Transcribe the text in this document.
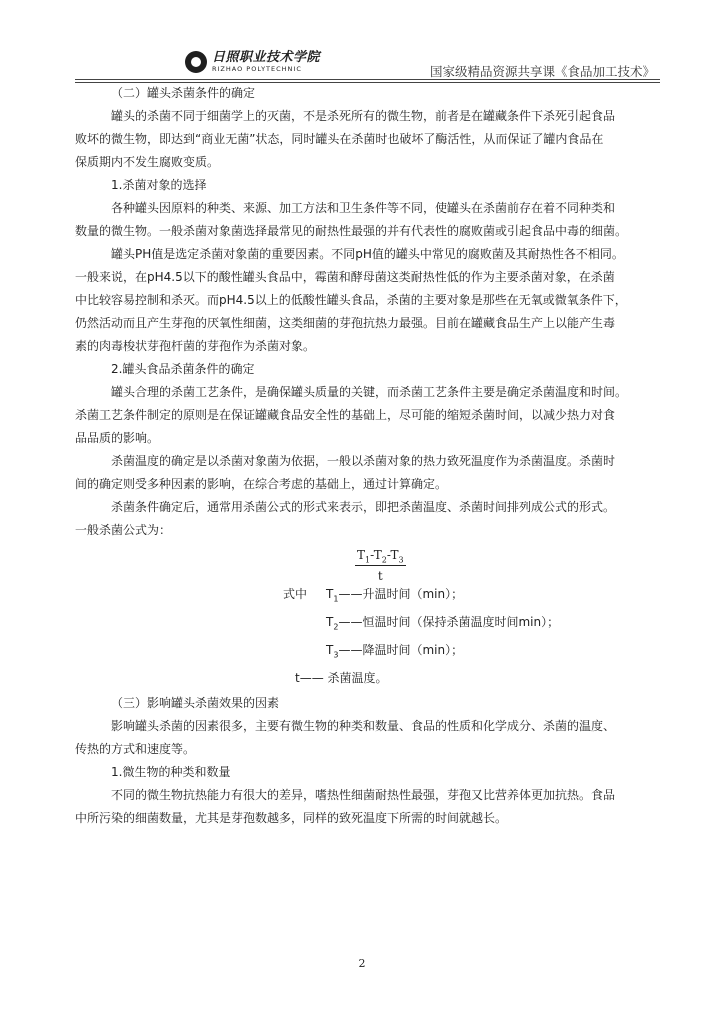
日照职业技术学院
RIZHAO POLYTECHNIC	国家级精品资源共享课《食品加工技术》
（二）罐头杀菌条件的确定
罐头的杀菌不同于细菌学上的灭菌，不是杀死所有的微生物，前者是在罐藏条件下杀死引起食品
败坏的微生物，即达到“商业无菌”状态，同时罐头在杀菌时也破坏了酶活性，从而保证了罐内食品在
保质期内不发生腐败变质。
1.杀菌对象的选择
各种罐头因原料的种类、来源、加工方法和卫生条件等不同，使罐头在杀菌前存在着不同种类和
数量的微生物。一般杀菌对象菌选择最常见的耐热性最强的并有代表性的腐败菌或引起食品中毒的细菌。
罐头PH值是选定杀菌对象菌的重要因素。不同pH值的罐头中常见的腐败菌及其耐热性各不相同。
一般来说，在pH4.5以下的酸性罐头食品中，霉菌和酵母菌这类耐热性低的作为主要杀菌对象，在杀菌
中比较容易控制和杀灭。而pH4.5以上的低酸性罐头食品，杀菌的主要对象是那些在无氧或微氧条件下，
仍然活动而且产生芽孢的厌氧性细菌，这类细菌的芽孢抗热力最强。目前在罐藏食品生产上以能产生毒
素的肉毒梭状芽孢杆菌的芽孢作为杀菌对象。
2.罐头食品杀菌条件的确定
罐头合理的杀菌工艺条件，是确保罐头质量的关键，而杀菌工艺条件主要是确定杀菌温度和时间。
杀菌工艺条件制定的原则是在保证罐藏食品安全性的基础上，尽可能的缩短杀菌时间，以减少热力对食
品品质的影响。
杀菌温度的确定是以杀菌对象菌为依据，一般以杀菌对象的热力致死温度作为杀菌温度。杀菌时
间的确定则受多种因素的影响，在综合考虑的基础上，通过计算确定。
杀菌条件确定后，通常用杀菌公式的形式来表示，即把杀菌温度、杀菌时间排列成公式的形式。
一般杀菌公式为：
$\frac{T_1-T_2-T_3}{t}$
式中 $T_1——$升温时间（min）；
$T_2——$恒温时间（保持杀菌温度时间min）；
$T_3——$降温时间（min）；
t—— 杀菌温度。
（三）影响罐头杀菌效果的因素
影响罐头杀菌的因素很多，主要有微生物的种类和数量、食品的性质和化学成分、杀菌的温度、
传热的方式和速度等。
1.微生物的种类和数量
不同的微生物抗热能力有很大的差异，嗜热性细菌耐热性最强，芽孢又比营养体更加抗热。食品
中所污染的细菌数量，尤其是芽孢数越多，同样的致死温度下所需的时间就越长。
2
